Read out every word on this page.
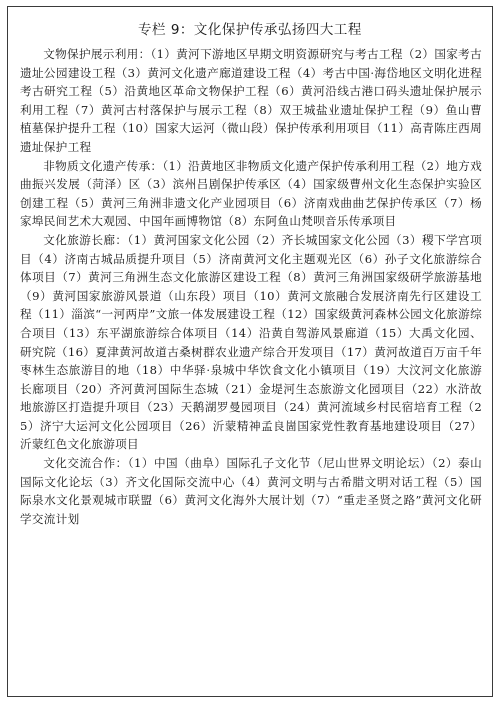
专栏 9：文化保护传承弘扬四大工程

文物保护展示利用：（1）黄河下游地区早期文明资源研究与考古工程（2）国家考古遗址公园建设工程（3）黄河文化遗产廊道建设工程（4）考古中国·海岱地区文明化进程考古研究工程（5）沿黄地区革命文物保护工程（6）黄河沿线古港口码头遗址保护展示利用工程（7）黄河古村落保护与展示工程（8）双王城盐业遗址保护工程（9）鱼山曹植墓保护提升工程（10）国家大运河（微山段）保护传承利用项目（11）高青陈庄西周遗址保护工程

非物质文化遗产传承：（1）沿黄地区非物质文化遗产保护传承利用工程（2）地方戏曲振兴发展（菏泽）区（3）滨州吕剧保护传承区（4）国家级曹州文化生态保护实验区创建工程（5）黄河三角洲非遗文化产业园项目（6）济南戏曲曲艺保护传承区（7）杨家埠民间艺术大观园、中国年画博物馆（8）东阿鱼山梵呗音乐传承项目

文化旅游长廊：（1）黄河国家文化公园（2）齐长城国家文化公园（3）稷下学宫项目（4）济南古城品质提升项目（5）济南黄河文化主题观光区（6）孙子文化旅游综合体项目（7）黄河三角洲生态文化旅游区建设工程（8）黄河三角洲国家级研学旅游基地（9）黄河国家旅游风景道（山东段）项目（10）黄河文旅融合发展济南先行区建设工程（11）淄滨“一河两岸”文旅一体发展建设工程（12）国家级黄河森林公园文化旅游综合项目（13）东平湖旅游综合体项目（14）沿黄自驾游风景廊道（15）大禹文化园、研究院（16）夏津黄河故道古桑树群农业遗产综合开发项目（17）黄河故道百万亩千年枣林生态旅游目的地（18）中华驿·泉城中华饮食文化小镇项目（19）大汶河文化旅游长廊项目（20）齐河黄河国际生态城（21）金堤河生态旅游文化园项目（22）水浒故地旅游区打造提升项目（23）天鹅湖罗曼园项目（24）黄河流域乡村民宿培育工程（25）济宁大运河文化公园项目（26）沂蒙精神孟良崮国家党性教育基地建设项目（27）沂蒙红色文化旅游项目

文化交流合作：（1）中国（曲阜）国际孔子文化节（尼山世界文明论坛）（2）泰山国际文化论坛（3）齐文化国际交流中心（4）黄河文明与古希腊文明对话工程（5）国际泉水文化景观城市联盟（6）黄河文化海外大展计划（7）“重走圣贤之路”黄河文化研学交流计划
